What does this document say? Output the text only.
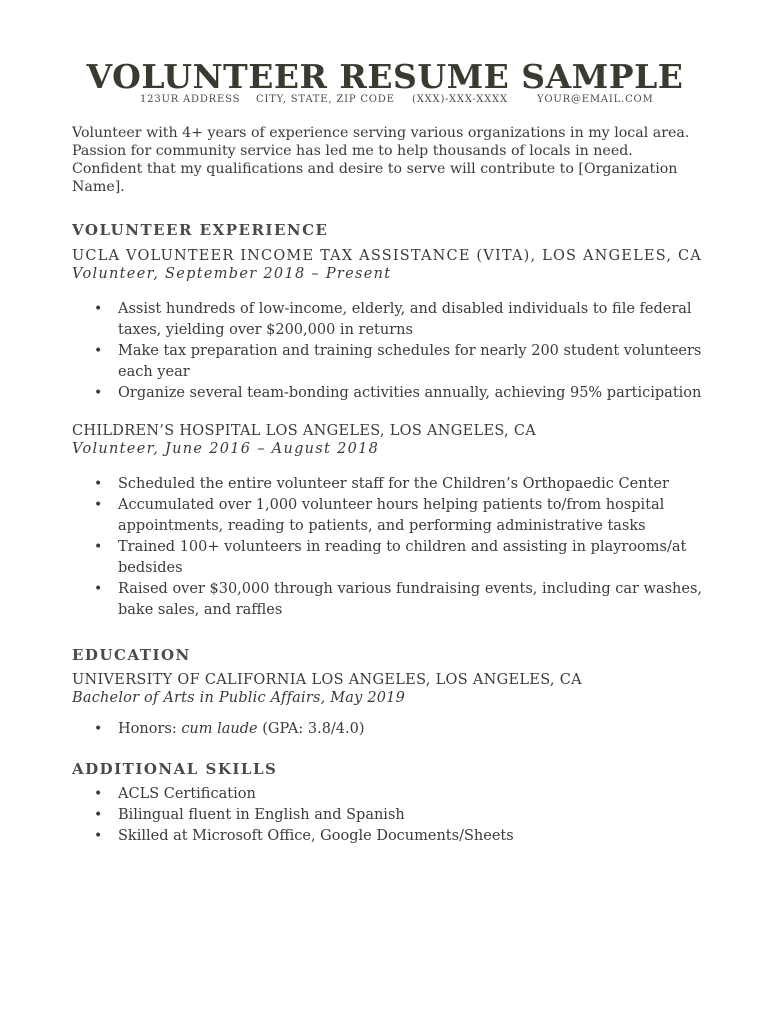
VOLUNTEER RESUME SAMPLE
123UR ADDRESS CITY, STATE, ZIP CODE (XXX)-XXX-XXXX	YOUR@EMAIL.COM

Volunteer with 4+ years of experience serving various organizations in my local area. Passion for community service has led me to help thousands of locals in need. Confident that my qualifications and desire to serve will contribute to [Organization Name].

VOLUNTEER EXPERIENCE

UCLA VOLUNTEER INCOME TAX ASSISTANCE (VITA), LOS ANGELES, CA

Volunteer, September 2018 – Present

• Assist hundreds of low-income, elderly, and disabled individuals to file federal taxes, yielding over $200,000 in returns
• Make tax preparation and training schedules for nearly 200 student volunteers each year
• Organize several team-bonding activities annually, achieving 95% participation

CHILDREN’S HOSPITAL LOS ANGELES, LOS ANGELES, CA

Volunteer, June 2016 – August 2018

• Scheduled the entire volunteer staff for the Children’s Orthopaedic Center
• Accumulated over 1,000 volunteer hours helping patients to/from hospital appointments, reading to patients, and performing administrative tasks
• Trained 100+ volunteers in reading to children and assisting in playrooms/at bedsides
• Raised over $30,000 through various fundraising events, including car washes, bake sales, and raffles
EDUCATION

UNIVERSITY OF CALIFORNIA LOS ANGELES, LOS ANGELES, CA

Bachelor of Arts in Public Affairs, May 2019

• Honors: cum laude (GPA: 3.8/4.0)
ADDITIONAL SKILLS
• ACLS Certification
• Bilingual fluent in English and Spanish
• Skilled at Microsoft Office, Google Documents/Sheets
